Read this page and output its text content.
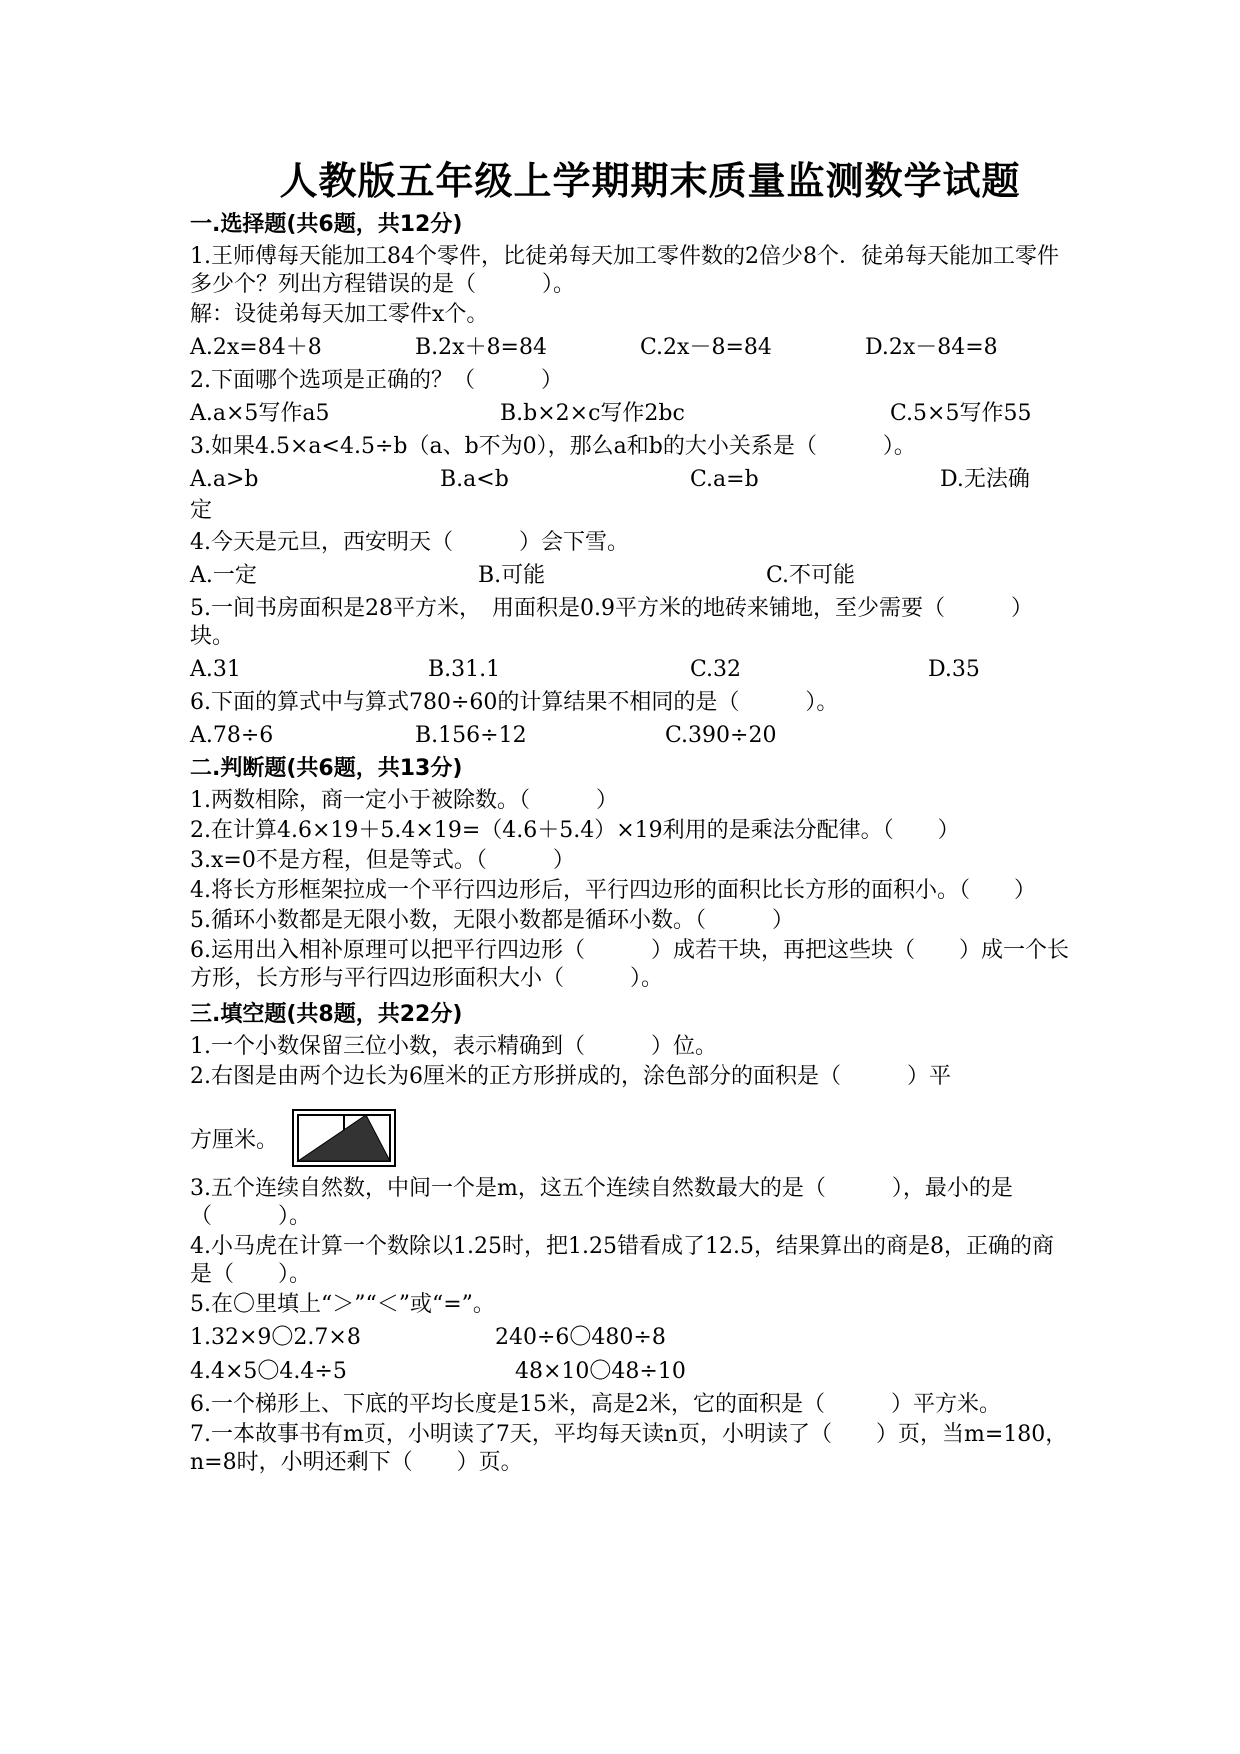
人教版五年级上学期期末质量监测数学试题
一.选择题(共6题，共12分)
1.王师傅每天能加工84个零件，比徒弟每天加工零件数的2倍少8个．徒弟每天能加工零件多少个？列出方程错误的是（　　　）。
解：设徒弟每天加工零件x个。
A.2x=84＋8	B.2x＋8=84	C.2x－8=84	D.2x－84=8
2.下面哪个选项是正确的？（　　　）
A.a×5写作a5	B.b×2×c写作2bc	C.5×5写作55
3.如果4.5×a<4.5÷b（a、b不为0），那么a和b的大小关系是（　　　）。
A.a>b	B.a<b	C.a=b	D.无法确
定
4.今天是元旦，西安明天（　　　）会下雪。
A.一定	B.可能	C.不可能
5.一间书房面积是28平方米，　用面积是0.9平方米的地砖来铺地，至少需要（　　　）块。
A.31	B.31.1	C.32	D.35
6.下面的算式中与算式780÷60的计算结果不相同的是（　　　）。
A.78÷6	B.156÷12	C.390÷20
二.判断题(共6题，共13分)
1.两数相除，商一定小于被除数。（　　　）
2.在计算4.6×19＋5.4×19=（4.6＋5.4）×19利用的是乘法分配律。（　　）
3.x=0不是方程，但是等式。（　　　）
4.将长方形框架拉成一个平行四边形后，平行四边形的面积比长方形的面积小。（　　）
5.循环小数都是无限小数，无限小数都是循环小数。（　　　）
6.运用出入相补原理可以把平行四边形（　　　）成若干块，再把这些块（　　）成一个长方形，长方形与平行四边形面积大小（　　　）。
三.填空题(共8题，共22分)
1.一个小数保留三位小数，表示精确到（　　　）位。
2.右图是由两个边长为6厘米的正方形拼成的，涂色部分的面积是（　　　）平
方厘米。
3.五个连续自然数，中间一个是m，这五个连续自然数最大的是（　　　），最小的是（　　　）。
4.小马虎在计算一个数除以1.25时，把1.25错看成了12.5，结果算出的商是8，正确的商是（　　）。
5.在〇里填上“＞”“＜”或“=”。
1.32×9〇2.7×8	240÷6〇480÷8
4.4×5〇4.4÷5	48×10〇48÷10
6.一个梯形上、下底的平均长度是15米，高是2米，它的面积是（　　　）平方米。
7.一本故事书有m页，小明读了7天，平均每天读n页，小明读了（　　）页，当m=180，n=8时，小明还剩下（　　）页。
